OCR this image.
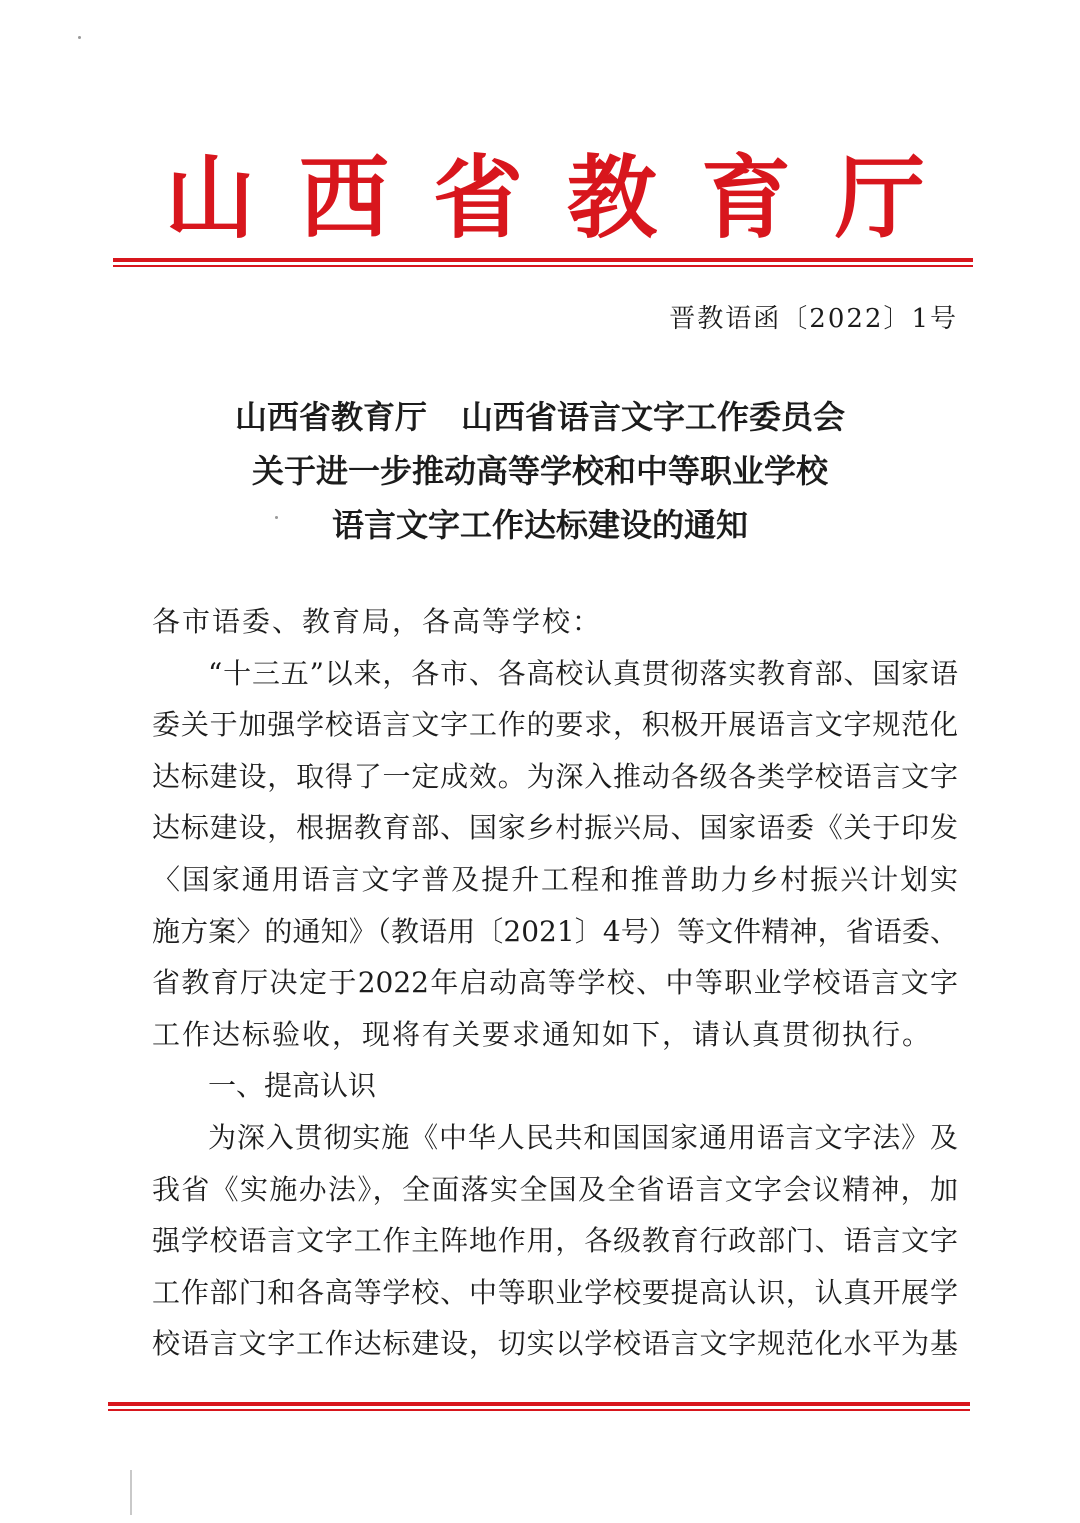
山 西 省 教 育 厅
晋教语函〔2022〕1号
山西省教育厅 山西省语言文字工作委员会
关于进一步推动高等学校和中等职业学校
语言文字工作达标建设的通知
各市语委、教育局，各高等学校：
“十三五”以来，各市、各高校认真贯彻落实教育部、国家语
委关于加强学校语言文字工作的要求，积极开展语言文字规范化
达标建设，取得了一定成效。为深入推动各级各类学校语言文字
达标建设，根据教育部、国家乡村振兴局、国家语委《关于印发
〈国家通用语言文字普及提升工程和推普助力乡村振兴计划实
施方案〉的通知》（教语用〔2021〕4号）等文件精神，省语委、
省教育厅决定于2022年启动高等学校、中等职业学校语言文字
工作达标验收，现将有关要求通知如下，请认真贯彻执行。
一、提高认识
为深入贯彻实施《中华人民共和国国家通用语言文字法》及
我省《实施办法》，全面落实全国及全省语言文字会议精神，加
强学校语言文字工作主阵地作用，各级教育行政部门、语言文字
工作部门和各高等学校、中等职业学校要提高认识，认真开展学
校语言文字工作达标建设，切实以学校语言文字规范化水平为基
